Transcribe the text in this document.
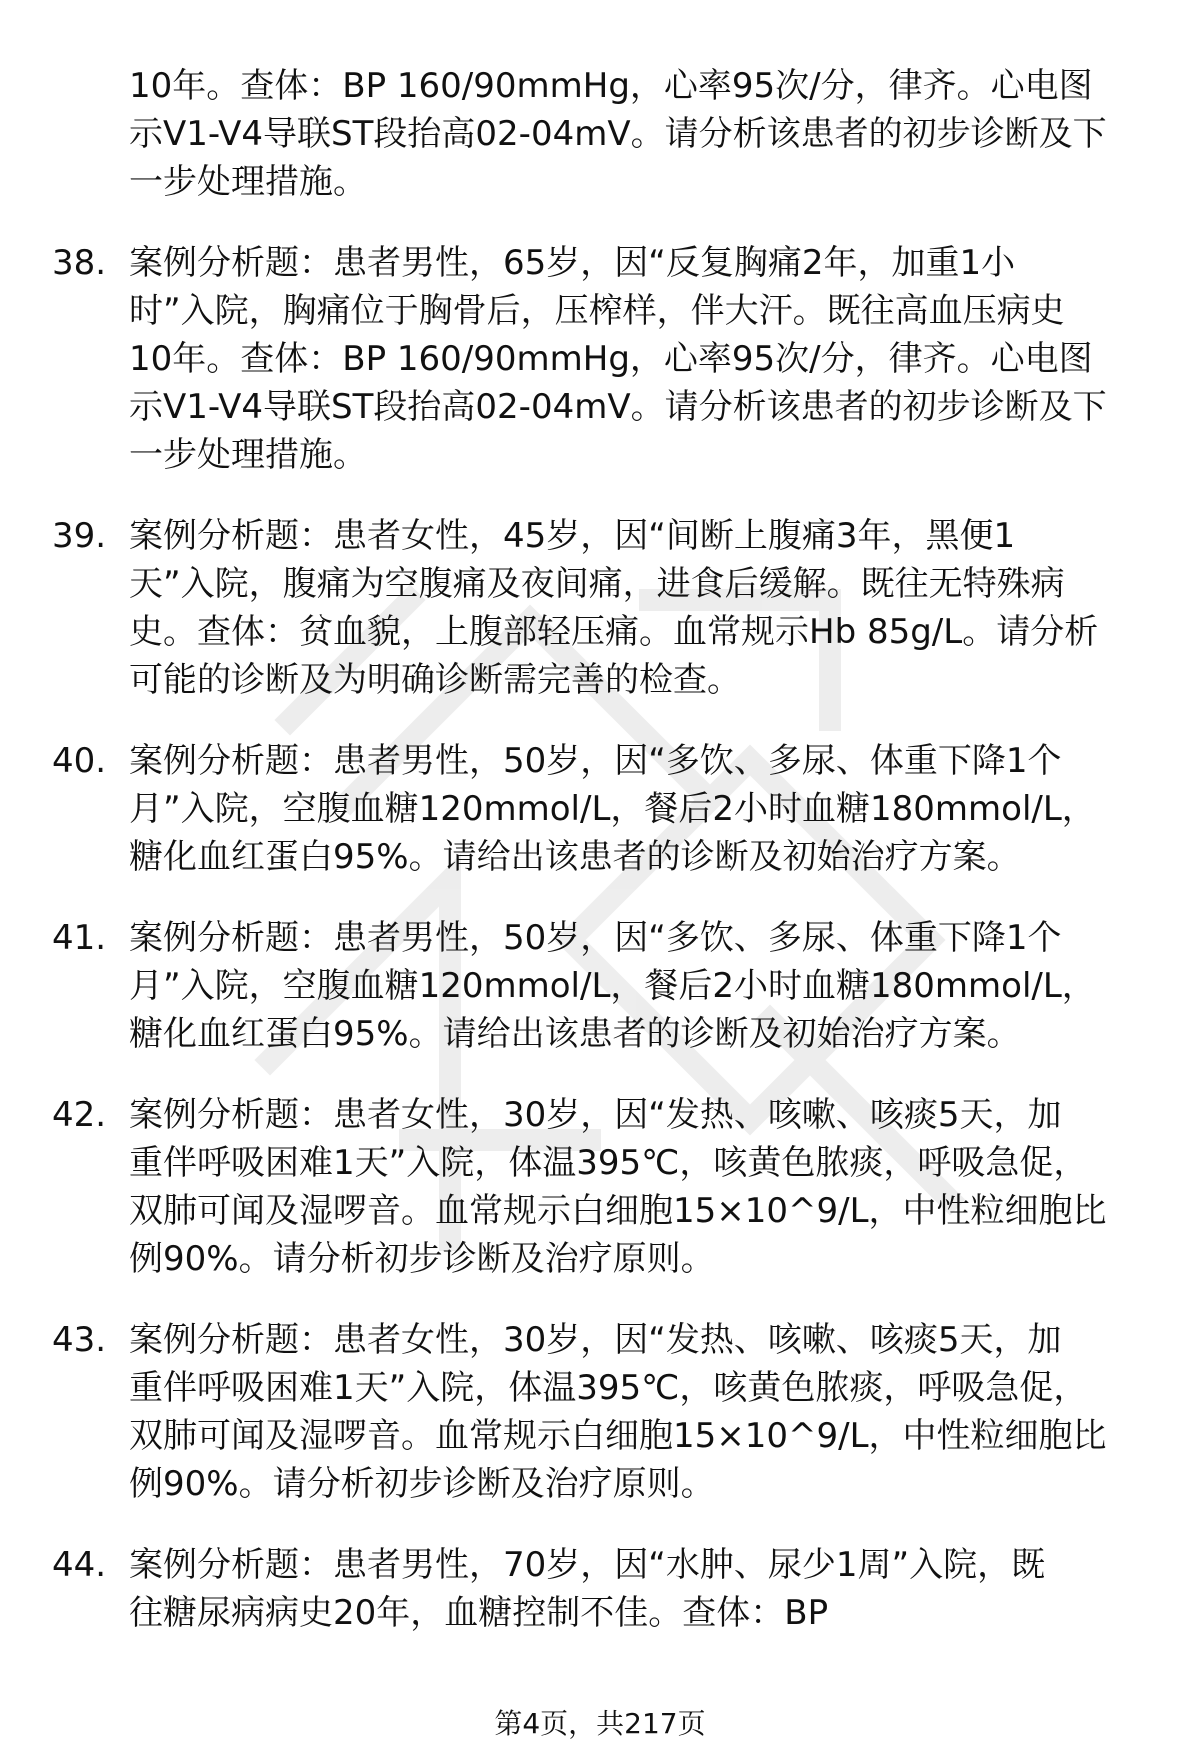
10年。查体：BP 160/90mmHg，心率95次/分，律齐。心电图

示V1-V4导联ST段抬高02-04mV。请分析该患者的初步诊断及下

一步处理措施。

38. 案例分析题：患者男性，65岁，因“反复胸痛2年，加重1小

时”入院，胸痛位于胸骨后，压榨样，伴大汗。既往高血压病史

10年。查体：BP 160/90mmHg，心率95次/分，律齐。心电图

示V1-V4导联ST段抬高02-04mV。请分析该患者的初步诊断及下

一步处理措施。

39. 案例分析题：患者女性，45岁，因“间断上腹痛3年，黑便1

天”入院，腹痛为空腹痛及夜间痛，进食后缓解。既往无特殊病

史。查体：贫血貌，上腹部轻压痛。血常规示Hb 85g/L。请分析

可能的诊断及为明确诊断需完善的检查。

40. 案例分析题：患者男性，50岁，因“多饮、多尿、体重下降1个

月”入院，空腹血糖120mmol/L，餐后2小时血糖180mmol/L，

糖化血红蛋白95%。请给出该患者的诊断及初始治疗方案。

41. 案例分析题：患者男性，50岁，因“多饮、多尿、体重下降1个

月”入院，空腹血糖120mmol/L，餐后2小时血糖180mmol/L，

糖化血红蛋白95%。请给出该患者的诊断及初始治疗方案。

42. 案例分析题：患者女性，30岁，因“发热、咳嗽、咳痰5天，加

重伴呼吸困难1天”入院，体温395℃，咳黄色脓痰，呼吸急促，

双肺可闻及湿啰音。血常规示白细胞15×10^9/L，中性粒细胞比

例90%。请分析初步诊断及治疗原则。

43. 案例分析题：患者女性，30岁，因“发热、咳嗽、咳痰5天，加

重伴呼吸困难1天”入院，体温395℃，咳黄色脓痰，呼吸急促，

双肺可闻及湿啰音。血常规示白细胞15×10^9/L，中性粒细胞比

例90%。请分析初步诊断及治疗原则。

44. 案例分析题：患者男性，70岁，因“水肿、尿少1周”入院，既

往糖尿病病史20年，血糖控制不佳。查体：BP

第4页，共217页
